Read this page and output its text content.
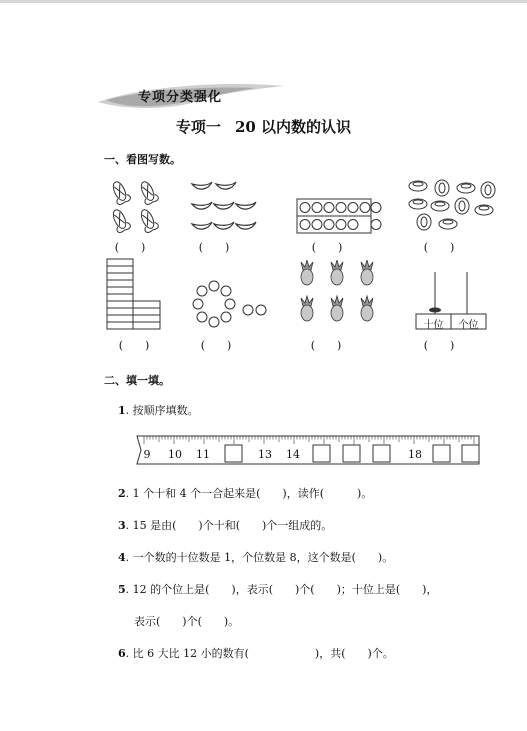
专项分类强化
专项一 20 以内数的认识
一、看图写数。
(　　)	(　　)	(　　)	(　　)
(　　)	(　　)	(　　)
十位	个位
(　　)
二、填一填。
1. 按顺序填数。
9 10 11	13 14	18
2. 1 个十和 4 个一合起来是(　　)，读作(　　　)。
3. 15 是由(　　)个十和(　　)个一组成的。
4. 一个数的十位数是 1，个位数是 8，这个数是(　　)。
5. 12 的个位上是(　　)，表示(　　)个(　　)；十位上是(　　)，
表示(　　)个(　　)。
6. 比 6 大比 12 小的数有(　　　　　　)，共(　　)个。
